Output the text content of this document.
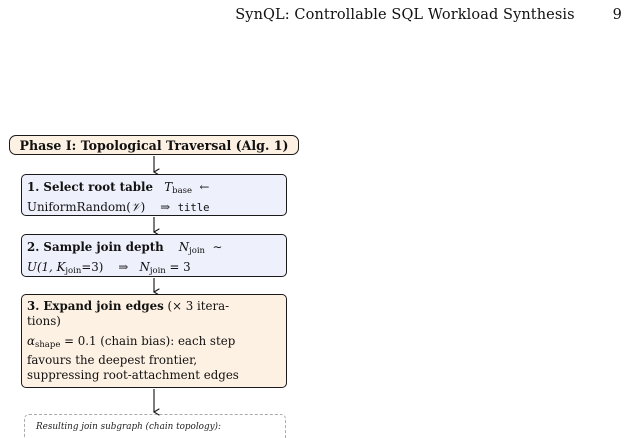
SynQL: Controllable SQL Workload Synthesis	9
Phase I: Topological Traversal (Alg. 1)
1. Select root table $T_{base}$ ←
UniformRandom(𝒱) ⇒ title
2. Sample join depth $N_{join}$ ∼
U(1, $K_{join}=3$) ⇒ $N_{join} = 3$
3. Expand join edges (× 3 itera-
tions)
$\alpha_{shape} = 0.1$ (chain bias): each step
favours the deepest frontier,
suppressing root-attachment edges
Resulting join subgraph (chain topology):
